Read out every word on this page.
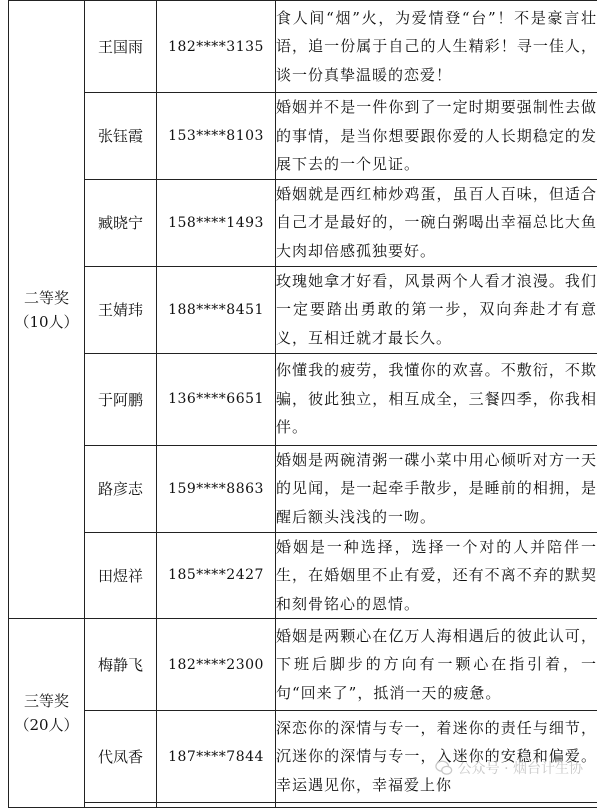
二等奖
（10人）	王国雨	182****3135	食人间“烟”火，为爱情登“台”！不是豪言壮语，追一份属于自己的人生精彩！寻一佳人，谈一份真挚温暖的恋爱！
	张钰霞	153****8103	婚姻并不是一件你到了一定时期要强制性去做的事情，是当你想要跟你爱的人长期稳定的发展下去的一个见证。
	臧晓宁	158****1493	婚姻就是西红柿炒鸡蛋，虽百人百味，但适合自己才是最好的，一碗白粥喝出幸福总比大鱼大肉却倍感孤独要好。
	王婧玮	188****8451	玫瑰她拿才好看，风景两个人看才浪漫。我们一定要踏出勇敢的第一步，双向奔赴才有意义，互相迁就才最长久。
	于阿鹏	136****6651	你懂我的疲劳，我懂你的欢喜。不敷衍，不欺骗，彼此独立，相互成全，三餐四季，你我相伴。
	路彦志	159****8863	婚姻是两碗清粥一碟小菜中用心倾听对方一天的见闻，是一起牵手散步，是睡前的相拥，是醒后额头浅浅的一吻。
	田煜祥	185****2427	婚姻是一种选择，选择一个对的人并陪伴一生，在婚姻里不止有爱，还有不离不弃的默契和刻骨铭心的恩情。

三等奖
（20人）	梅静飞	182****2300	婚姻是两颗心在亿万人海相遇后的彼此认可，下班后脚步的方向有一颗心在指引着，一句“回来了”，抵消一天的疲惫。
	代凤香	187****7844	深恋你的深情与专一，着迷你的责任与细节，沉迷你的深情与专一，入迷你的安稳和偏爱。幸运遇见你，幸福爱上你

公众号 · 烟台计生协
